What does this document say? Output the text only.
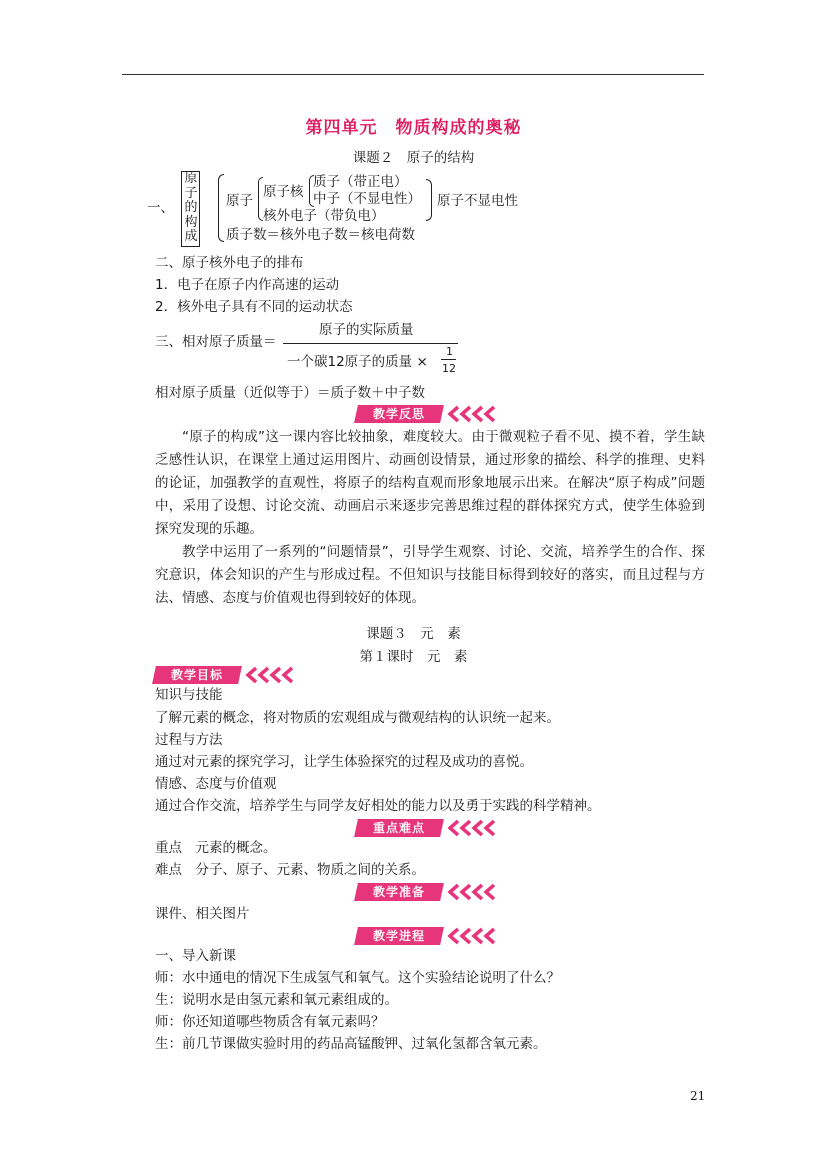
第四单元　物质构成的奥秘
课题２　原子的结构
一、
原
子
的
构
成
原子
原子核
质子（带正电）
中子（不显电性）
核外电子（带负电）
原子不显电性
质子数＝核外电子数＝核电荷数
二、原子核外电子的排布
1．电子在原子内作高速的运动
2．核外电子具有不同的运动状态
三、相对原子质量＝
原子的实际质量
一个碳12原子的质量 ×
1
12
相对原子质量（近似等于）＝质子数＋中子数
教学反思

“原子的构成”这一课内容比较抽象，难度较大。由于微观粒子看不见、摸不着，学生缺乏感性认识，在课堂上通过运用图片、动画创设情景，通过形象的描绘、科学的推理、史料的论证，加强教学的直观性，将原子的结构直观而形象地展示出来。在解决“原子构成”问题中，采用了设想、讨论交流、动画启示来逐步完善思维过程的群体探究方式，使学生体验到探究发现的乐趣。

教学中运用了一系列的“问题情景”，引导学生观察、讨论、交流，培养学生的合作、探究意识，体会知识的产生与形成过程。不但知识与技能目标得到较好的落实，而且过程与方法、情感、态度与价值观也得到较好的体现。

课题３　元　素
第１课时　元　素
教学目标
知识与技能
了解元素的概念，将对物质的宏观组成与微观结构的认识统一起来。
过程与方法
通过对元素的探究学习，让学生体验探究的过程及成功的喜悦。
情感、态度与价值观
通过合作交流，培养学生与同学友好相处的能力以及勇于实践的科学精神。
重点难点
重点　元素的概念。
难点　分子、原子、元素、物质之间的关系。
教学准备
课件、相关图片
教学进程
一、导入新课
师：水中通电的情况下生成氢气和氧气。这个实验结论说明了什么？
生：说明水是由氢元素和氧元素组成的。
师：你还知道哪些物质含有氧元素吗？
生：前几节课做实验时用的药品高锰酸钾、过氧化氢都含氧元素。
21
